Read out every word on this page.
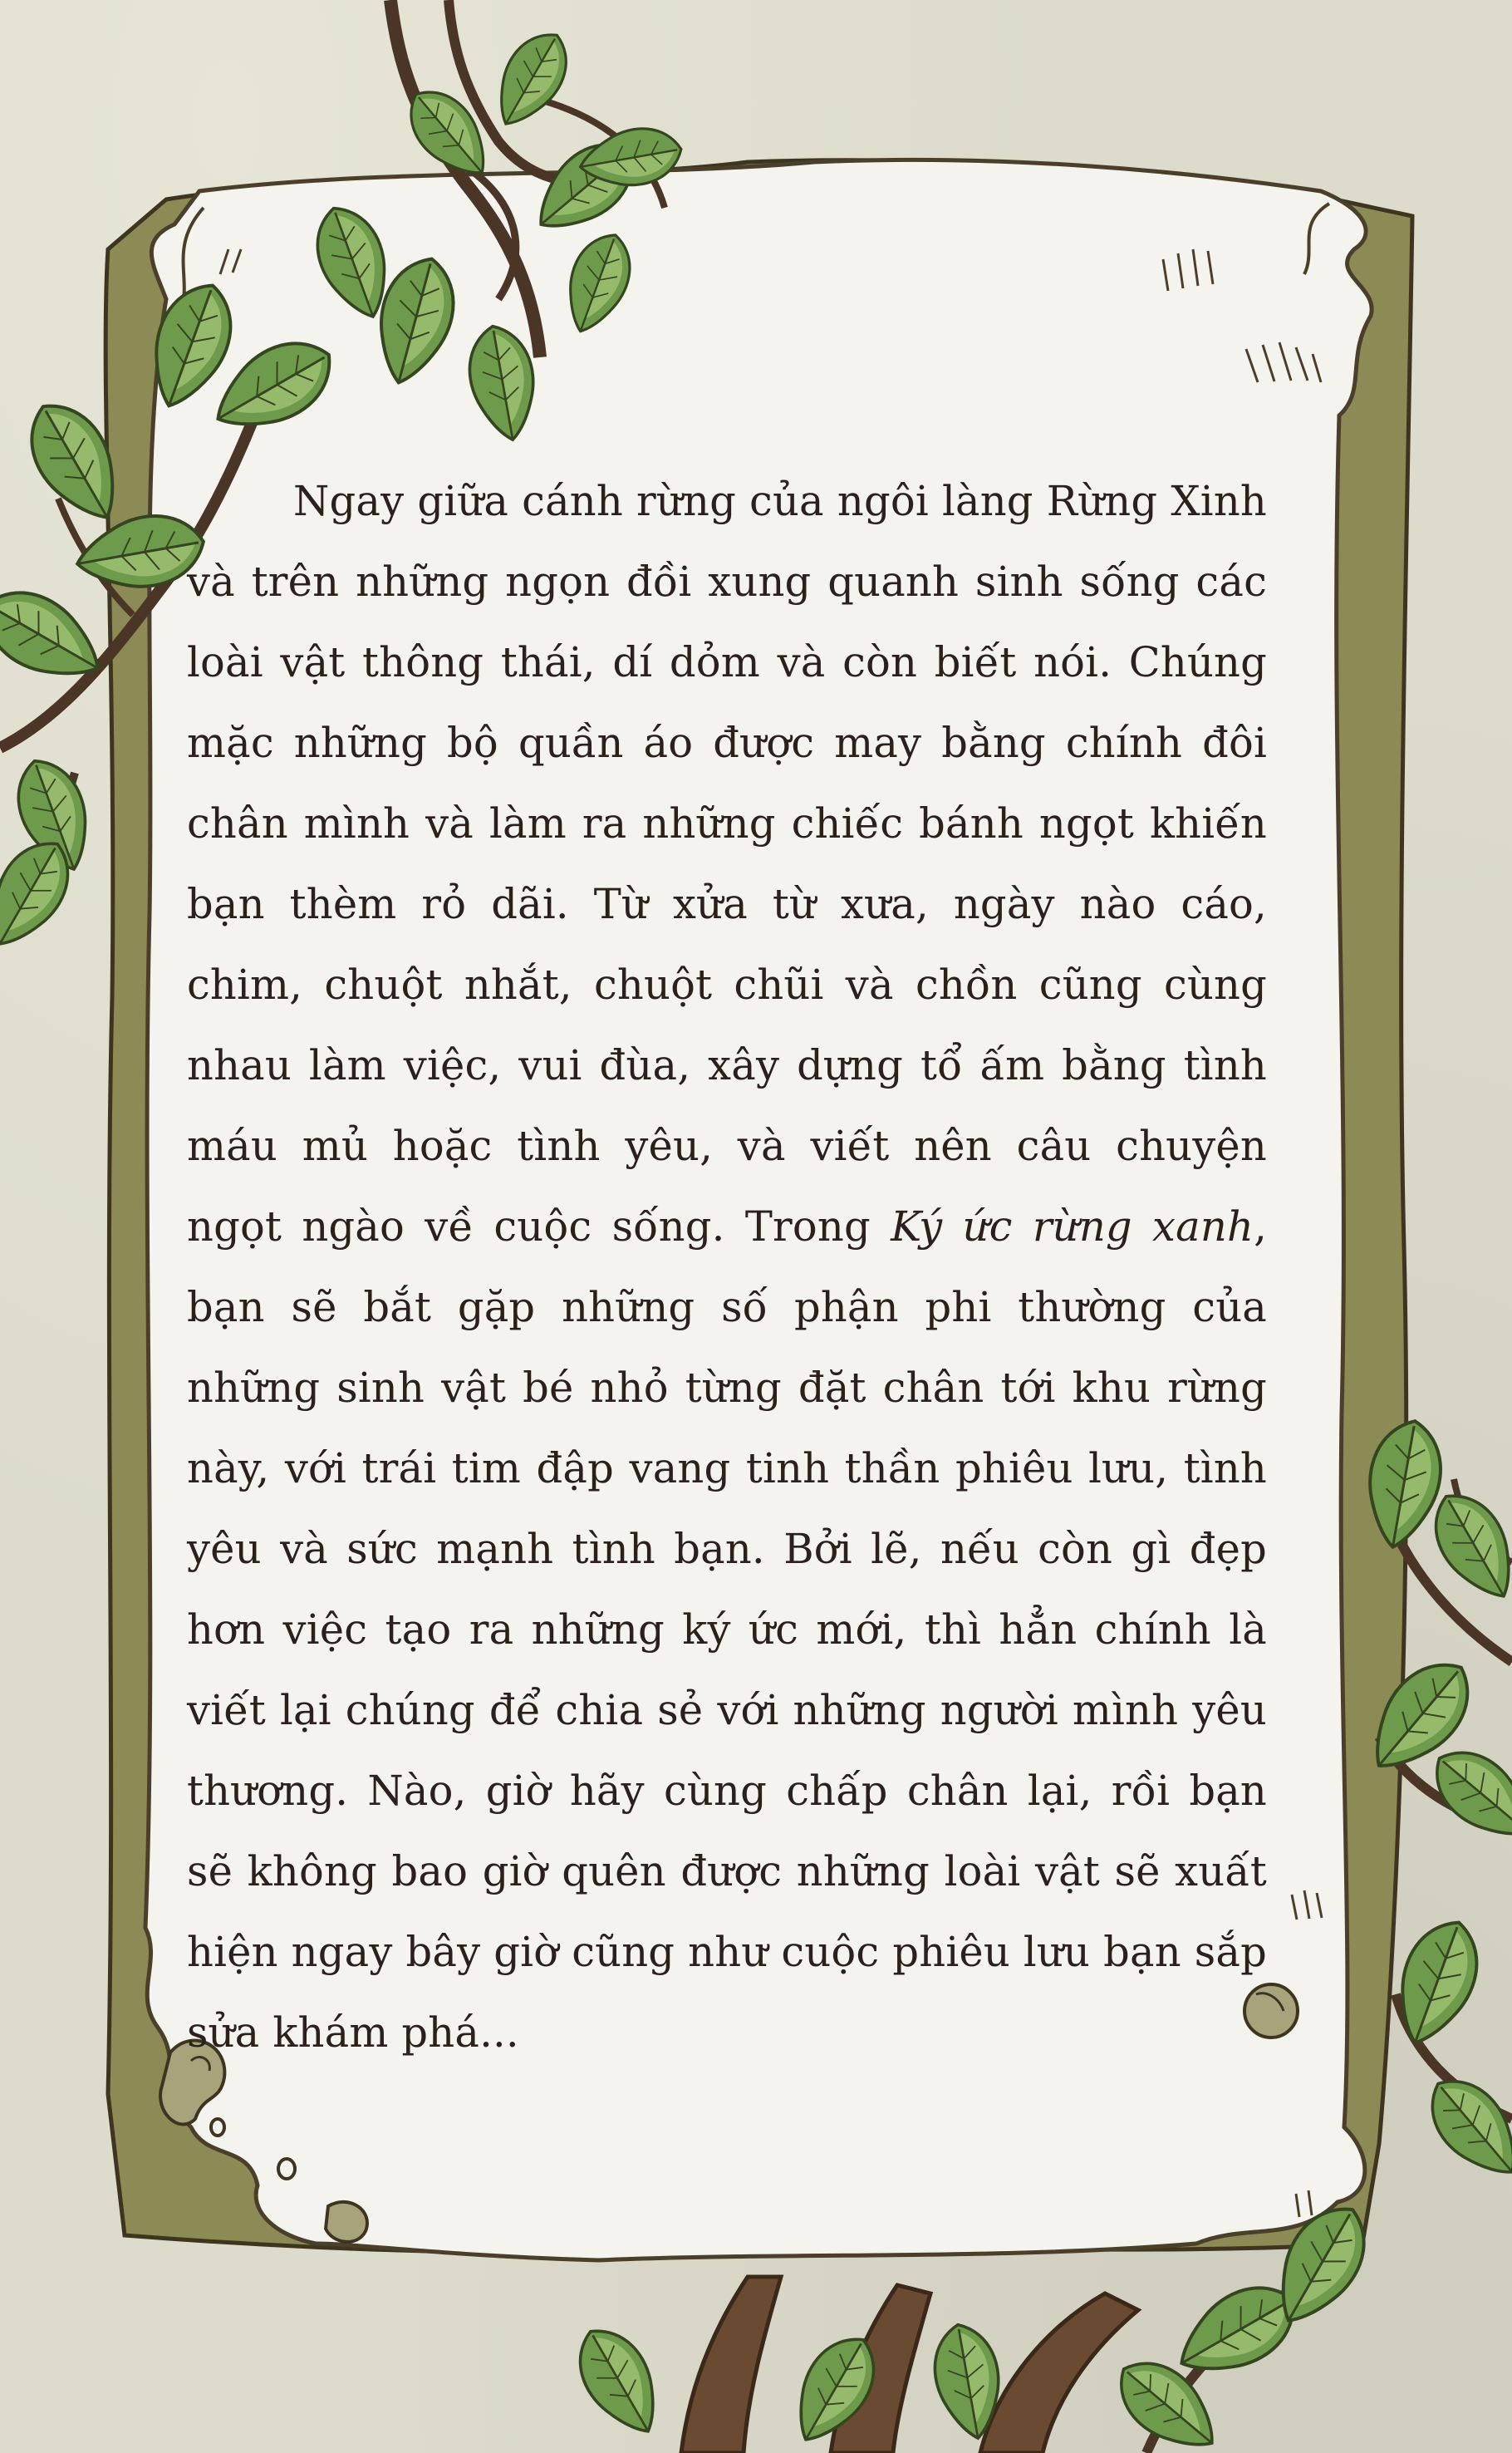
Ngay giữa cánh rừng của ngôi làng Rừng Xinh và trên những ngọn đồi xung quanh sinh sống các loài vật thông thái, dí dỏm và còn biết nói. Chúng mặc những bộ quần áo được may bằng chính đôi chân mình và làm ra những chiếc bánh ngọt khiến bạn thèm rỏ dãi. Từ xửa từ xưa, ngày nào cáo, chim, chuột nhắt, chuột chũi và chồn cũng cùng nhau làm việc, vui đùa, xây dựng tổ ấm bằng tình máu mủ hoặc tình yêu, và viết nên câu chuyện ngọt ngào về cuộc sống. Trong Ký ức rừng xanh, bạn sẽ bắt gặp những số phận phi thường của những sinh vật bé nhỏ từng đặt chân tới khu rừng này, với trái tim đập vang tinh thần phiêu lưu, tình yêu và sức mạnh tình bạn. Bởi lẽ, nếu còn gì đẹp hơn việc tạo ra những ký ức mới, thì hẳn chính là viết lại chúng để chia sẻ với những người mình yêu thương. Nào, giờ hãy cùng chấp chân lại, rồi bạn sẽ không bao giờ quên được những loài vật sẽ xuất hiện ngay bây giờ cũng như cuộc phiêu lưu bạn sắp sửa khám phá...
